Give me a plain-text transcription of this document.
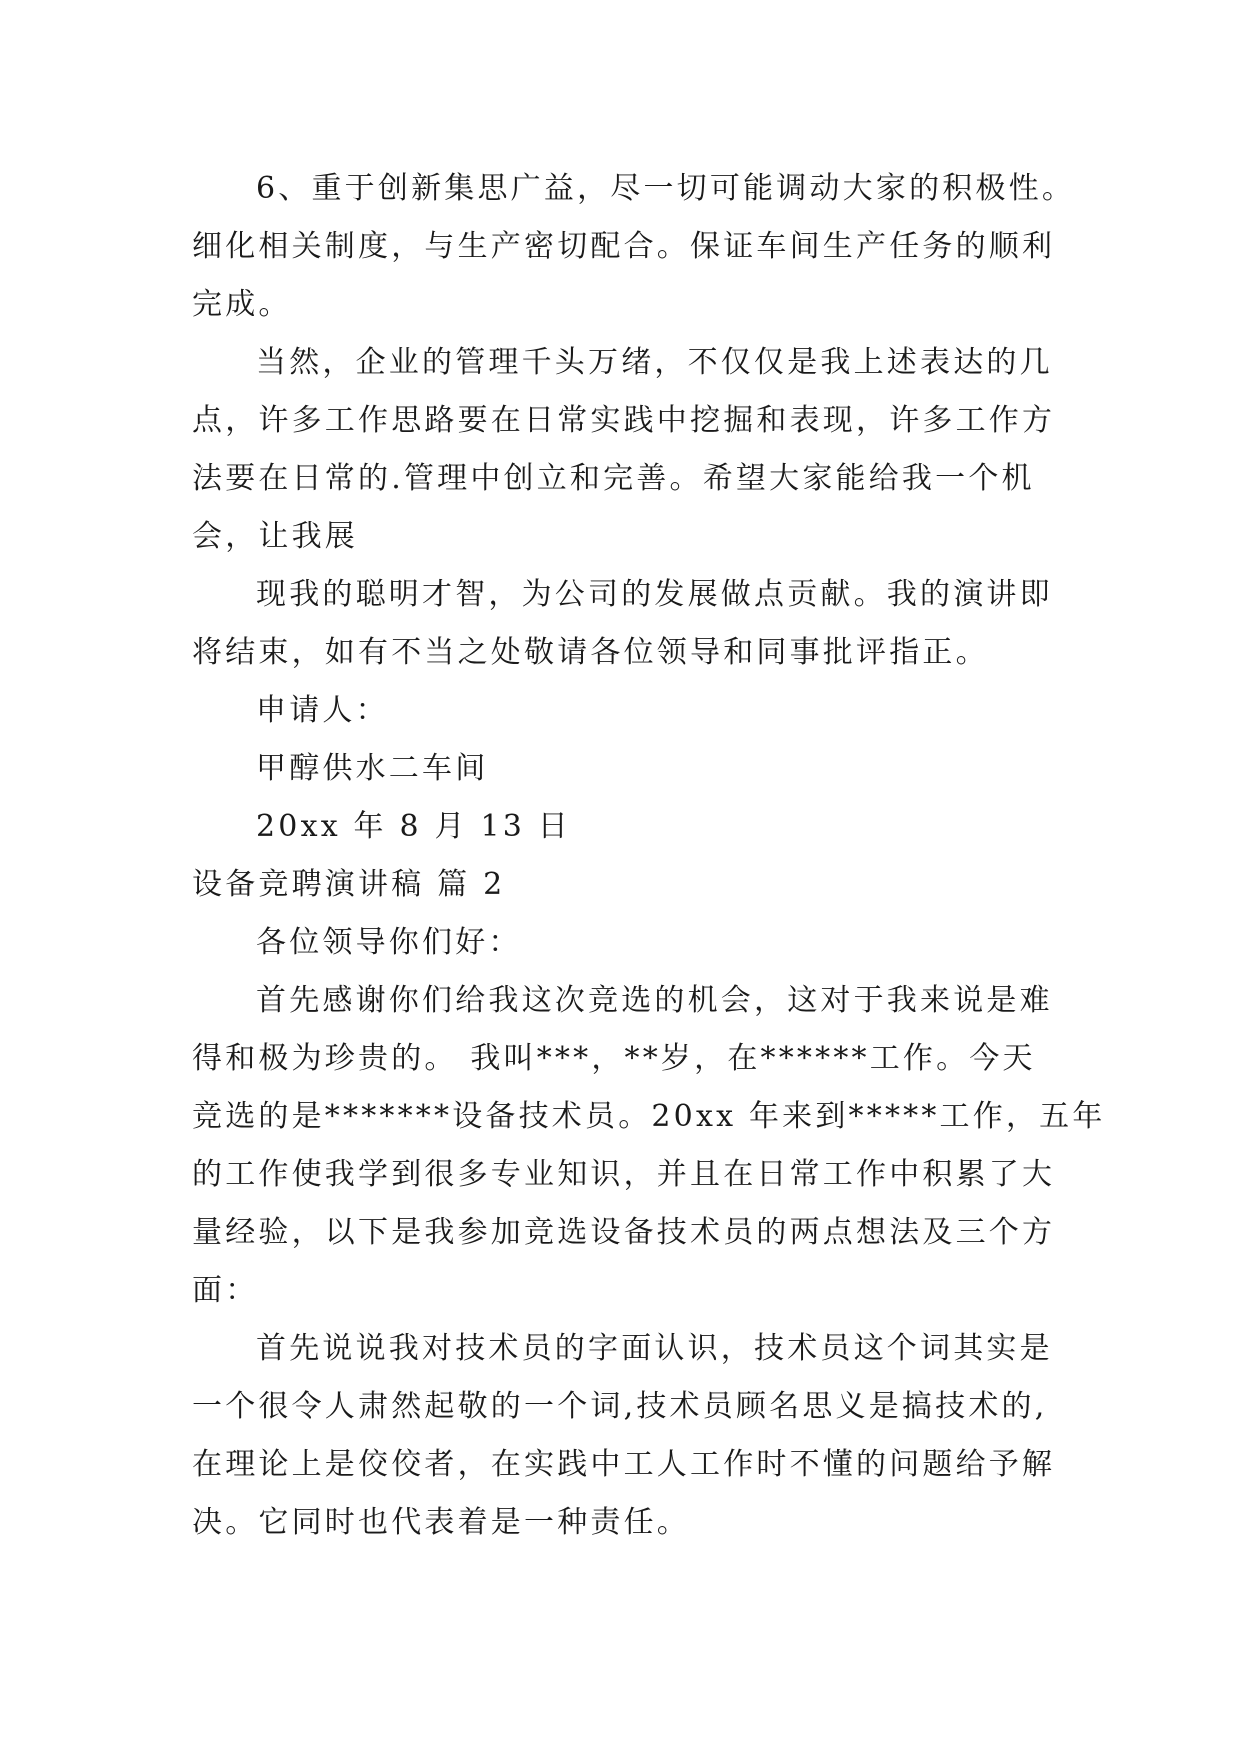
6、重于创新集思广益，尽一切可能调动大家的积极性。
细化相关制度，与生产密切配合。保证车间生产任务的顺利
完成。
当然，企业的管理千头万绪，不仅仅是我上述表达的几
点，许多工作思路要在日常实践中挖掘和表现，许多工作方
法要在日常的.管理中创立和完善。希望大家能给我一个机
会，让我展
现我的聪明才智，为公司的发展做点贡献。我的演讲即
将结束，如有不当之处敬请各位领导和同事批评指正。
申请人：
甲醇供水二车间
20xx 年 8 月 13 日
设备竞聘演讲稿 篇 2
各位领导你们好：
首先感谢你们给我这次竞选的机会，这对于我来说是难
得和极为珍贵的。 我叫***，**岁，在******工作。今天
竞选的是*******设备技术员。20xx 年来到*****工作，五年
的工作使我学到很多专业知识，并且在日常工作中积累了大
量经验，以下是我参加竞选设备技术员的两点想法及三个方
面：
首先说说我对技术员的字面认识，技术员这个词其实是
一个很令人肃然起敬的一个词,技术员顾名思义是搞技术的,
在理论上是佼佼者，在实践中工人工作时不懂的问题给予解
决。它同时也代表着是一种责任。
